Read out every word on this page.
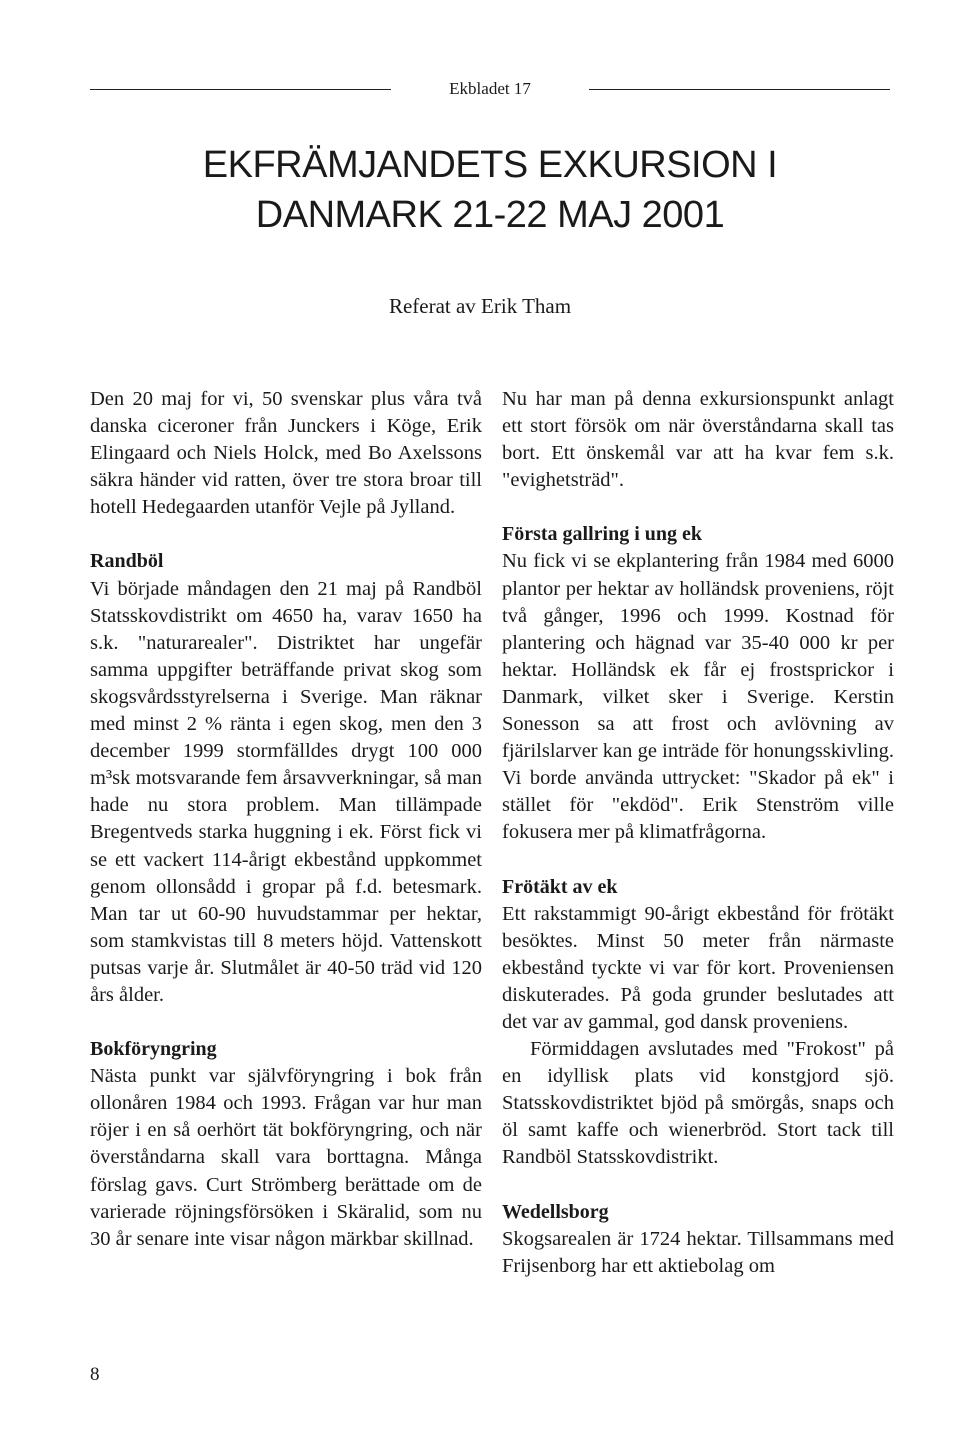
Ekbladet 17
EKFRÄMJANDETS EXKURSION I
DANMARK 21-22 MAJ 2001
Referat av Erik Tham

Den 20 maj for vi, 50 svenskar plus våra två danska ciceroner från Junckers i Köge, Erik Elingaard och Niels Holck, med Bo Axelssons säkra händer vid ratten, över tre stora broar till hotell Hedegaarden utanför Vejle på Jylland.

Randböl

Vi började måndagen den 21 maj på Randböl Statsskovdistrikt om 4650 ha, varav 1650 ha s.k. "naturarealer". Distriktet har ungefär samma uppgifter beträffande privat skog som skogsvårdsstyrelserna i Sverige. Man räknar med minst 2 % ränta i egen skog, men den 3 december 1999 stormfälldes drygt 100 000 m³sk motsvarande fem årsavverkningar, så man hade nu stora problem. Man tillämpade Bregentveds starka huggning i ek. Först fick vi se ett vackert 114-årigt ekbestånd uppkommet genom ollonsådd i gropar på f.d. betesmark. Man tar ut 60-90 huvudstammar per hektar, som stamkvistas till 8 meters höjd. Vattenskott putsas varje år. Slutmålet är 40-50 träd vid 120 års ålder.

Bokföryngring

Nästa punkt var självföryngring i bok från ollonåren 1984 och 1993. Frågan var hur man röjer i en så oerhört tät bokföryngring, och när överståndarna skall vara borttagna. Många förslag gavs. Curt Strömberg berättade om de varierade röjningsförsöken i Skäralid, som nu 30 år senare inte visar någon märkbar skillnad.

Nu har man på denna exkursionspunkt anlagt ett stort försök om när överståndarna skall tas bort. Ett önskemål var att ha kvar fem s.k. "evighetsträd".

Första gallring i ung ek

Nu fick vi se ekplantering från 1984 med 6000 plantor per hektar av holländsk proveniens, röjt två gånger, 1996 och 1999. Kostnad för plantering och hägnad var 35-40 000 kr per hektar. Holländsk ek får ej frostsprickor i Danmark, vilket sker i Sverige. Kerstin Sonesson sa att frost och avlövning av fjärilslarver kan ge inträde för honungsskivling. Vi borde använda uttrycket: "Skador på ek" i stället för "ekdöd". Erik Stenström ville fokusera mer på klimatfrågorna.

Frötäkt av ek

Ett rakstammigt 90-årigt ekbestånd för frötäkt besöktes. Minst 50 meter från närmaste ekbestånd tyckte vi var för kort. Proveniensen diskuterades. På goda grunder beslutades att det var av gammal, god dansk proveniens.

Förmiddagen avslutades med "Frokost" på en idyllisk plats vid konstgjord sjö. Statsskovdistriktet bjöd på smörgås, snaps och öl samt kaffe och wienerbröd. Stort tack till Randböl Statsskovdistrikt.

Wedellsborg

Skogsarealen är 1724 hektar. Tillsammans med Frijsenborg har ett aktiebolag om

8
